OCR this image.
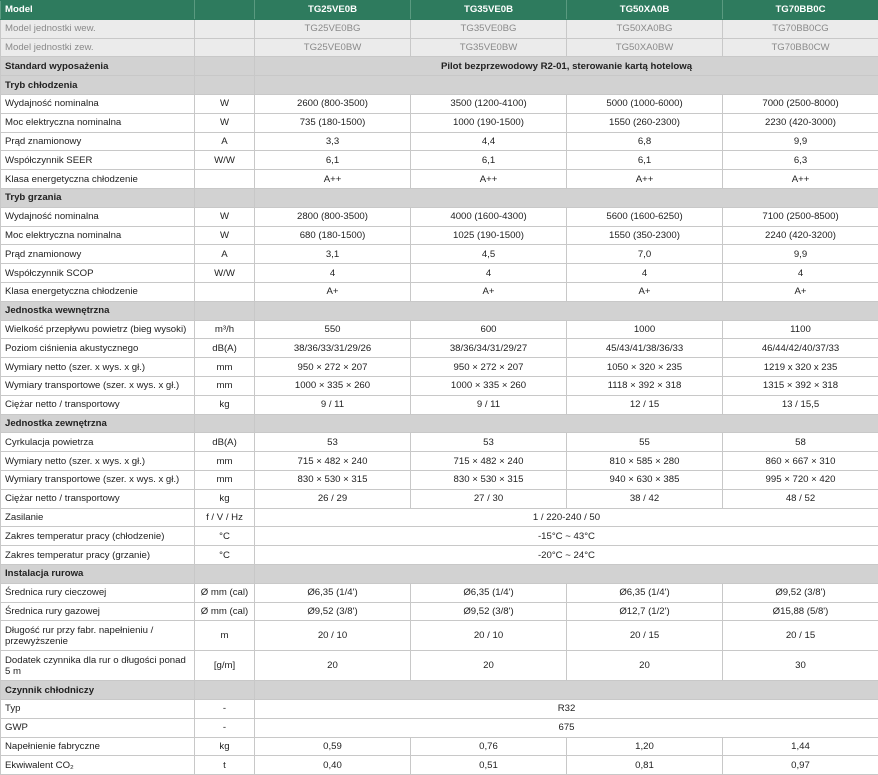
Model		TG25VE0B	TG35VE0B	TG50XA0B	TG70BB0C
Model jednostki wew.		TG25VE0BG	TG35VE0BG	TG50XA0BG	TG70BB0CG
Model jednostki zew.		TG25VE0BW	TG35VE0BW	TG50XA0BW	TG70BB0CW
Standard wyposażenia		Pilot bezprzewodowy R2-01, sterowanie kartą hotelową			
Tryb chłodzenia					
Wydajność nominalna	W	2600 (800-3500)	3500 (1200-4100)	5000 (1000-6000)	7000 (2500-8000)
Moc elektryczna nominalna	W	735 (180-1500)	1000 (190-1500)	1550 (260-2300)	2230 (420-3000)
Prąd znamionowy	A	3,3	4,4	6,8	9,9
Współczynnik SEER	W/W	6,1	6,1	6,1	6,3
Klasa energetyczna chłodzenie		A++	A++	A++	A++
Tryb grzania					
Wydajność nominalna	W	2800 (800-3500)	4000 (1600-4300)	5600 (1600-6250)	7100 (2500-8500)
Moc elektryczna nominalna	W	680 (180-1500)	1025 (190-1500)	1550 (350-2300)	2240 (420-3200)
Prąd znamionowy	A	3,1	4,5	7,0	9,9
Współczynnik SCOP	W/W	4	4	4	4
Klasa energetyczna chłodzenie		A+	A+	A+	A+
Jednostka wewnętrzna					
Wielkość przepływu powietrz (bieg wysoki)	m³/h	550	600	1000	1100
Poziom ciśnienia akustycznego	dB(A)	38/36/33/31/29/26	38/36/34/31/29/27	45/43/41/38/36/33	46/44/42/40/37/33
Wymiary netto (szer. x wys. x gł.)	mm	950 × 272 × 207	950 × 272 × 207	1050 × 320 × 235	1219 x 320 x 235
Wymiary transportowe (szer. x wys. x gł.)	mm	1000 × 335 × 260	1000 × 335 × 260	1118 × 392 × 318	1315 × 392 × 318
Ciężar netto / transportowy	kg	9 / 11	9 / 11	12 / 15	13 / 15,5
Jednostka zewnętrzna					
Cyrkulacja powietrza	dB(A)	53	53	55	58
Wymiary netto (szer. x wys. x gł.)	mm	715 × 482 × 240	715 × 482 × 240	810 × 585 × 280	860 × 667 × 310
Wymiary transportowe (szer. x wys. x gł.)	mm	830 × 530 × 315	830 × 530 × 315	940 × 630 × 385	995 × 720 × 420
Ciężar netto / transportowy	kg	26 / 29	27 / 30	38 / 42	48 / 52
Zasilanie	f / V / Hz	1 / 220-240 / 50			
Zakres temperatur pracy (chłodzenie)	°C	-15°C ~ 43°C			
Zakres temperatur pracy (grzanie)	°C	-20°C ~ 24°C			
Instalacja rurowa					
Średnica rury cieczowej	Ø mm (cal)	Ø6,35 (1/4')	Ø6,35 (1/4')	Ø6,35 (1/4')	Ø9,52 (3/8')
Średnica rury gazowej	Ø mm (cal)	Ø9,52 (3/8')	Ø9,52 (3/8')	Ø12,7 (1/2')	Ø15,88 (5/8')
Długość rur przy fabr. napełnieniu / przewyższenie	m	20 / 10	20 / 10	20 / 15	20 / 15
Dodatek czynnika dla rur o długości ponad 5 m	[g/m]	20	20	20	30
Czynnik chłodniczy					
Typ	-	R32			
GWP	-	675			
Napełnienie fabryczne	kg	0,59	0,76	1,20	1,44
Ekwiwalent CO₂	t	0,40	0,51	0,81	0,97
